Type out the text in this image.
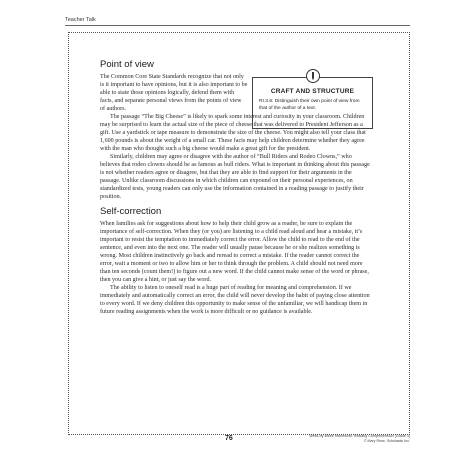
Teacher Talk
CRAFT AND STRUCTURE
RI.3.6: Distinguish their own point of view from that of the author of a text.
Point of view

The Common Core State Standards recognize that not only is it important to have opinions, but it is also important to be able to state those opinions logically, defend them with facts, and separate personal views from the points of view of authors.

The passage “The Big Cheese” is likely to spark some interest and curiosity in your classroom. Children may be surprised to learn the actual size of the piece of cheese that was delivered to President Jefferson as a gift. Use a yardstick or tape measure to demonstrate the size of the cheese. You might also tell your class that 1,600 pounds is about the weight of a small car. These facts may help children determine whether they agree with the man who thought such a big cheese would make a great gift for the president.

Similarly, children may agree or disagree with the author of “Bull Riders and Rodeo Clowns,” who believes that rodeo clowns should be as famous as bull riders. What is important in thinking about this passage is not whether readers agree or disagree, but that they are able to find support for their arguments in the passage. Unlike classroom discussions in which children can expound on their personal experiences, on standardized tests, young readers can only use the information contained in a reading passage to justify their position.

Self-correction

When families ask for suggestions about how to help their child grow as a reader, be sure to explain the importance of self-correction. When they (or you) are listening to a child read aloud and hear a mistake, it’s important to resist the temptation to immediately correct the error. Allow the child to read to the end of the sentence, and even into the next one. The reader will usually pause because he or she realizes something is wrong. Most children instinctively go back and reread to correct a mistake. If the reader cannot correct the error, wait a moment or two to allow him or her to think through the problem. A child should not need more than ten seconds (count them!) to figure out a new word. If the child cannot make sense of the word or phrase, then you can give a hint, or just say the word.

The ability to listen to oneself read is a huge part of reading for meaning and comprehension. If we immediately and automatically correct an error, the child will never develop the habit of paying close attention to every word. If we deny children this opportunity to make sense of the unfamiliar, we will handicap them in future reading assignments when the work is more difficult or no guidance is available.

76	Week-by-Week Homework: Reading Comprehension (Grade 3)
© Mary Rose, Scholastic Inc.
